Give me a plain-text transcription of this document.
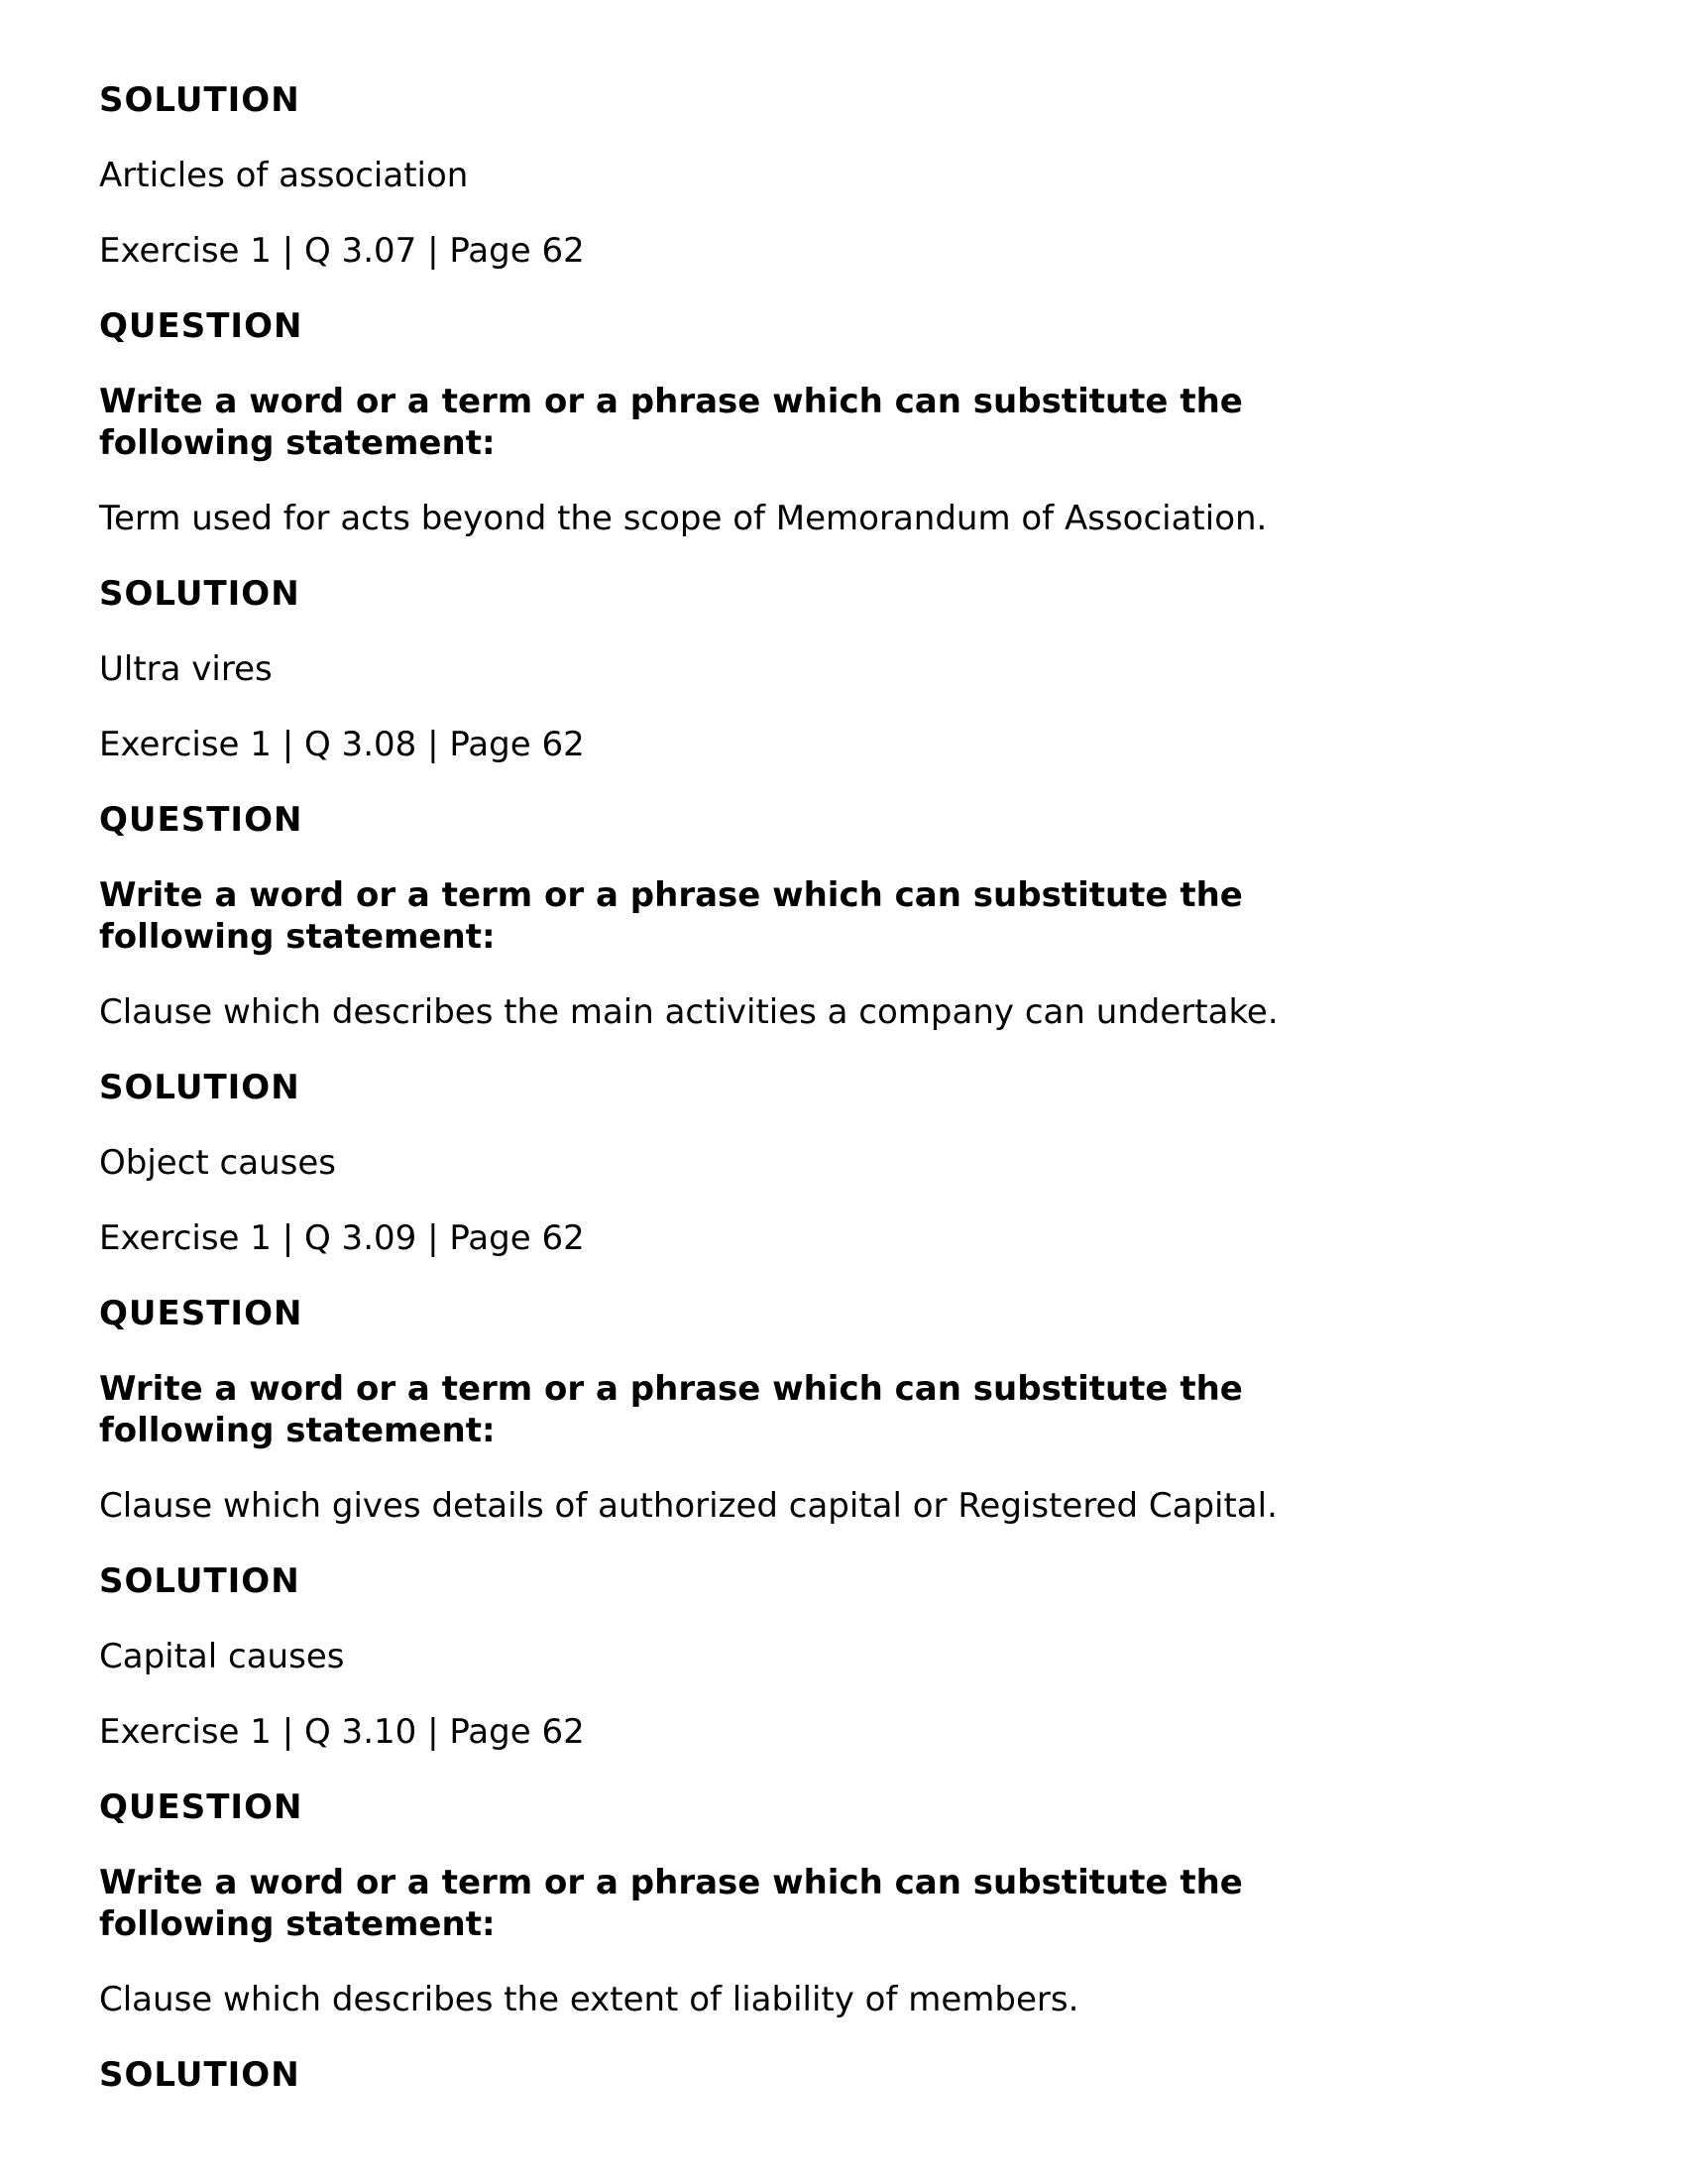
SOLUTION
Articles of association
Exercise 1 | Q 3.07 | Page 62
QUESTION
Write a word or a term or a phrase which can substitute the following statement:
Term used for acts beyond the scope of Memorandum of Association.
SOLUTION
Ultra vires
Exercise 1 | Q 3.08 | Page 62
QUESTION
Write a word or a term or a phrase which can substitute the following statement:
Clause which describes the main activities a company can undertake.
SOLUTION
Object causes
Exercise 1 | Q 3.09 | Page 62
QUESTION
Write a word or a term or a phrase which can substitute the following statement:
Clause which gives details of authorized capital or Registered Capital.
SOLUTION
Capital causes
Exercise 1 | Q 3.10 | Page 62
QUESTION
Write a word or a term or a phrase which can substitute the following statement:
Clause which describes the extent of liability of members.
SOLUTION
